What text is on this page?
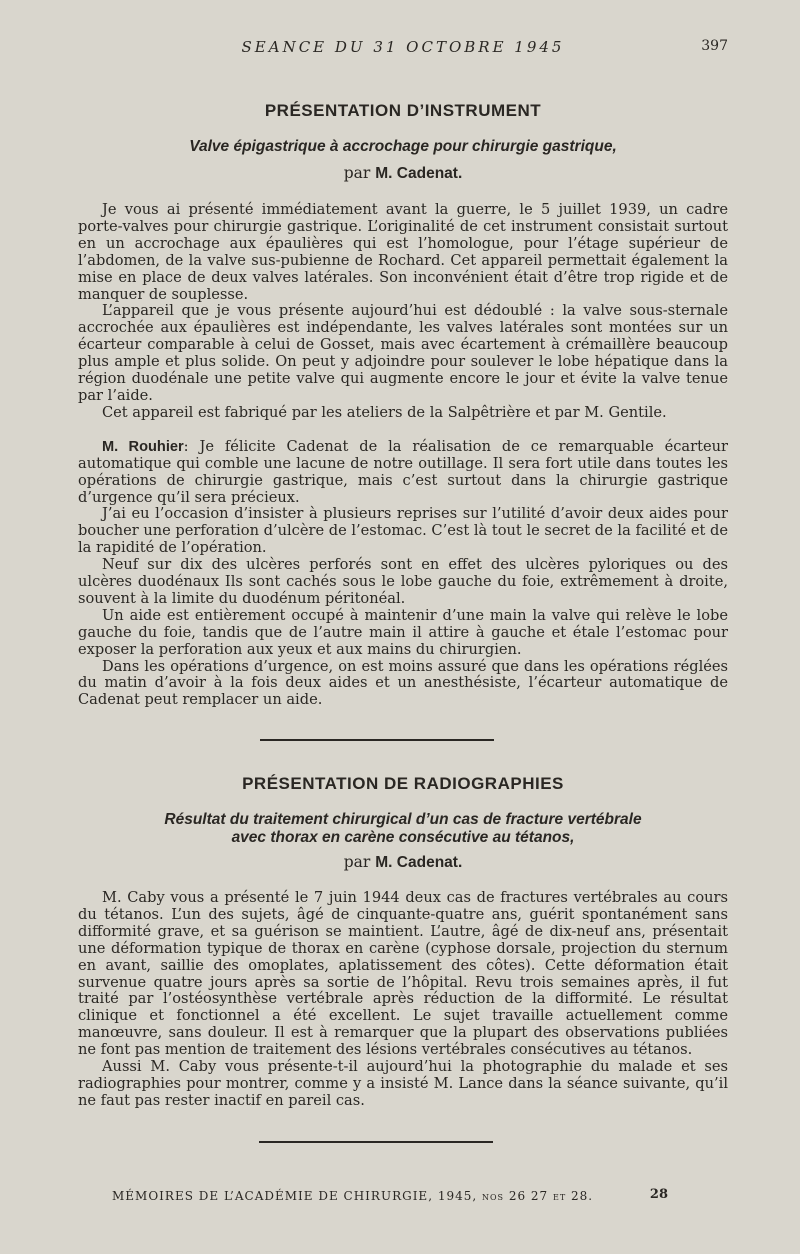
SEANCE DU 31 OCTOBRE 1945	397
PRÉSENTATION D’INSTRUMENT
Valve épigastrique à accrochage pour chirurgie gastrique,
par M. Cadenat.

Je vous ai présenté immédiatement avant la guerre, le 5 juillet 1939, un cadre porte-valves pour chirurgie gastrique. L’originalité de cet instrument consistait surtout en un accrochage aux épaulières qui est l’homologue, pour l’étage supérieur de l’abdomen, de la valve sus-pubienne de Rochard. Cet appareil permettait également la mise en place de deux valves latérales. Son inconvénient était d’être trop rigide et de manquer de souplesse.

L’appareil que je vous présente aujourd’hui est dédoublé : la valve sous-sternale accrochée aux épaulières est indépendante, les valves latérales sont montées sur un écarteur comparable à celui de Gosset, mais avec écartement à crémaillère beaucoup plus ample et plus solide. On peut y adjoindre pour soulever le lobe hépatique dans la région duodénale une petite valve qui augmente encore le jour et évite la valve tenue par l’aide.

Cet appareil est fabriqué par les ateliers de la Salpêtrière et par M. Gentile.

M. Rouhier: Je félicite Cadenat de la réalisation de ce remarquable écarteur automatique qui comble une lacune de notre outillage. Il sera fort utile dans toutes les opérations de chirurgie gastrique, mais c’est surtout dans la chirurgie gastrique d’urgence qu’il sera précieux.

J’ai eu l’occasion d’insister à plusieurs reprises sur l’utilité d’avoir deux aides pour boucher une perforation d’ulcère de l’estomac. C’est là tout le secret de la facilité et de la rapidité de l’opération.

Neuf sur dix des ulcères perforés sont en effet des ulcères pyloriques ou des ulcères duodénaux Ils sont cachés sous le lobe gauche du foie, extrêmement à droite, souvent à la limite du duodénum péritonéal.

Un aide est entièrement occupé à maintenir d’une main la valve qui relève le lobe gauche du foie, tandis que de l’autre main il attire à gauche et étale l’estomac pour exposer la perforation aux yeux et aux mains du chirurgien.

Dans les opérations d’urgence, on est moins assuré que dans les opérations réglées du matin d’avoir à la fois deux aides et un anesthésiste, l’écarteur automatique de Cadenat peut remplacer un aide.

PRÉSENTATION DE RADIOGRAPHIES
Résultat du traitement chirurgical d’un cas de fracture vertébrale
avec thorax en carène consécutive au tétanos,
par M. Cadenat.

M. Caby vous a présenté le 7 juin 1944 deux cas de fractures vertébrales au cours du tétanos. L’un des sujets, âgé de cinquante-quatre ans, guérit spontanément sans difformité grave, et sa guérison se maintient. L’autre, âgé de dix-neuf ans, présentait une déformation typique de thorax en carène (cyphose dorsale, projection du sternum en avant, saillie des omoplates, aplatissement des côtes). Cette déformation était survenue quatre jours après sa sortie de l’hôpital. Revu trois semaines après, il fut traité par l’ostéosynthèse vertébrale après réduction de la difformité. Le résultat clinique et fonctionnel a été excellent. Le sujet travaille actuellement comme manœuvre, sans douleur. Il est à remarquer que la plupart des observations publiées ne font pas mention de traitement des lésions vertébrales consécutives au tétanos.

Aussi M. Caby vous présente-t-il aujourd’hui la photographie du malade et ses radiographies pour montrer, comme y a insisté M. Lance dans la séance suivante, qu’il ne faut pas rester inactif en pareil cas.

MÉMOIRES DE L’ACADÉMIE DE CHIRURGIE, 1945, nos 26 27 et 28.	28
